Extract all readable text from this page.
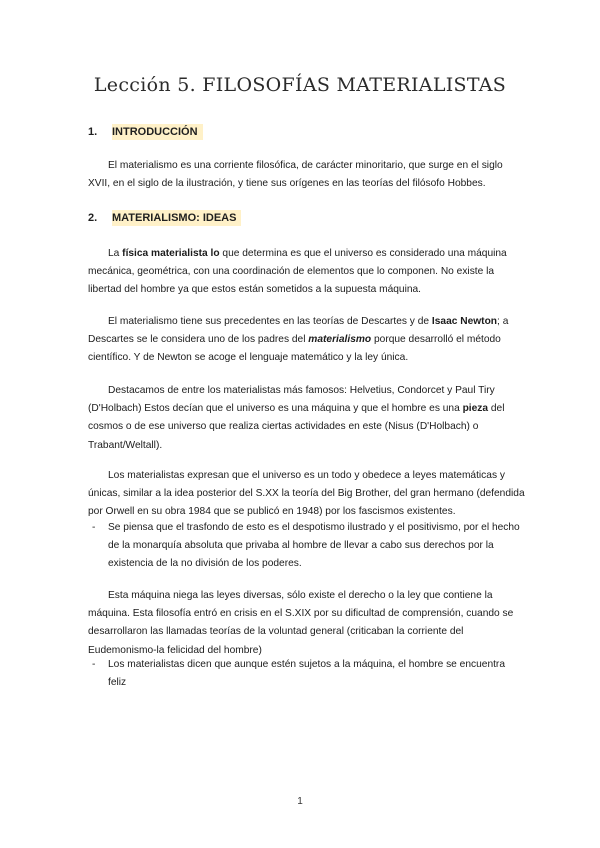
Lección 5. FILOSOFÍAS MATERIALISTAS
1. INTRODUCCIÓN

El materialismo es una corriente filosófica, de carácter minoritario, que surge en el siglo XVII, en el siglo de la ilustración, y tiene sus orígenes en las teorías del filósofo Hobbes.

2. MATERIALISMO: IDEAS

La física materialista lo que determina es que el universo es considerado una máquina mecánica, geométrica, con una coordinación de elementos que lo componen. No existe la libertad del hombre ya que estos están sometidos a la supuesta máquina.

El materialismo tiene sus precedentes en las teorías de Descartes y de Isaac Newton; a Descartes se le considera uno de los padres del materialismo porque desarrolló el método científico. Y de Newton se acoge el lenguaje matemático y la ley única.

Destacamos de entre los materialistas más famosos: Helvetius, Condorcet y Paul Tiry (D'Holbach) Estos decían que el universo es una máquina y que el hombre es una pieza del cosmos o de ese universo que realiza ciertas actividades en este (Nisus (D'Holbach) o Trabant/Weltall).

Los materialistas expresan que el universo es un todo y obedece a leyes matemáticas y únicas, similar a la idea posterior del S.XX la teoría del Big Brother, del gran hermano (defendida por Orwell en su obra 1984 que se publicó en 1948) por los fascismos existentes.

- Se piensa que el trasfondo de esto es el despotismo ilustrado y el positivismo, por el hecho de la monarquía absoluta que privaba al hombre de llevar a cabo sus derechos por la existencia de la no división de los poderes.

Esta máquina niega las leyes diversas, sólo existe el derecho o la ley que contiene la máquina. Esta filosofía entró en crisis en el S.XIX por su dificultad de comprensión, cuando se desarrollaron las llamadas teorías de la voluntad general (criticaban la corriente del Eudemonismo-la felicidad del hombre)

- Los materialistas dicen que aunque estén sujetos a la máquina, el hombre se encuentra feliz

1
